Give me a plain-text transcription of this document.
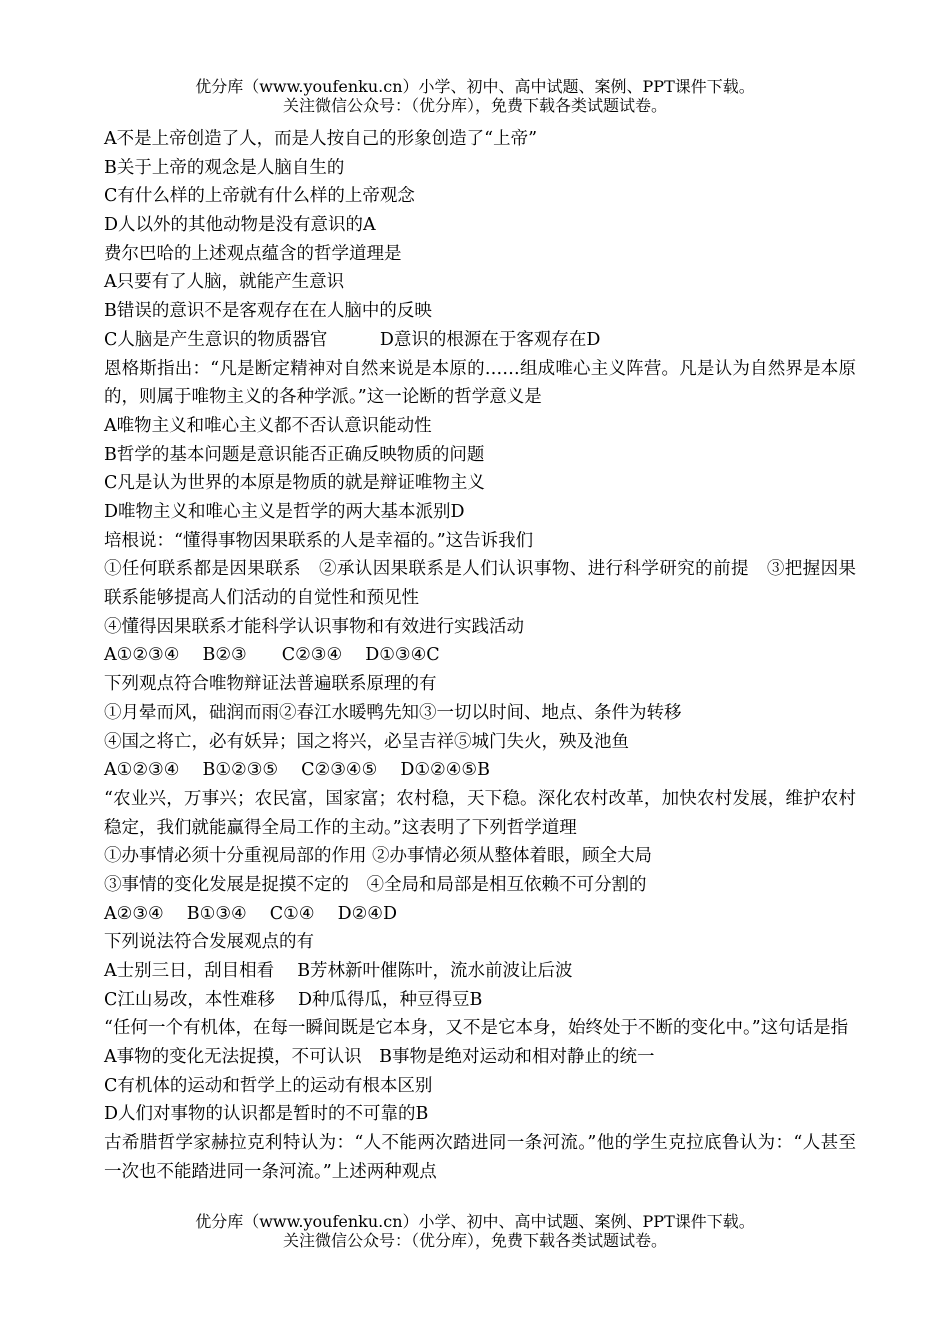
优分库（www.youfenku.cn）小学、初中、高中试题、案例、PPT课件下载。
关注微信公众号：（优分库），免费下载各类试题试卷。
A不是上帝创造了人，而是人按自己的形象创造了“上帝”
B关于上帝的观念是人脑自生的
C有什么样的上帝就有什么样的上帝观念
D人以外的其他动物是没有意识的A
费尔巴哈的上述观点蕴含的哲学道理是
A只要有了人脑，就能产生意识
B错误的意识不是客观存在在人脑中的反映
C人脑是产生意识的物质器官　　　D意识的根源在于客观存在D
恩格斯指出：“凡是断定精神对自然来说是本原的……组成唯心主义阵营。凡是认为自然界是本原的，则属于唯物主义的各种学派。”这一论断的哲学意义是
A唯物主义和唯心主义都不否认意识能动性
B哲学的基本问题是意识能否正确反映物质的问题
C凡是认为世界的本原是物质的就是辩证唯物主义
D唯物主义和唯心主义是哲学的两大基本派别D
培根说：“懂得事物因果联系的人是幸福的。”这告诉我们
①任何联系都是因果联系　②承认因果联系是人们认识事物、进行科学研究的前提　③把握因果联系能够提高人们活动的自觉性和预见性
④懂得因果联系才能科学认识事物和有效进行实践活动
A①②③④　 B②③　　C②③④　 D①③④C
下列观点符合唯物辩证法普遍联系原理的有
①月晕而风，础润而雨②春江水暖鸭先知③一切以时间、地点、条件为转移
④国之将亡，必有妖异；国之将兴，必呈吉祥⑤城门失火，殃及池鱼
A①②③④　 B①②③⑤　 C②③④⑤　 D①②④⑤B
“农业兴，万事兴；农民富，国家富；农村稳，天下稳。深化农村改革，加快农村发展，维护农村稳定，我们就能赢得全局工作的主动。”这表明了下列哲学道理
①办事情必须十分重视局部的作用 ②办事情必须从整体着眼，顾全大局
③事情的变化发展是捉摸不定的　④全局和局部是相互依赖不可分割的
A②③④　 B①③④　 C①④　 D②④D
下列说法符合发展观点的有
A士别三日，刮目相看　 B芳林新叶催陈叶，流水前波让后波
C江山易改，本性难移　 D种瓜得瓜，种豆得豆B
“任何一个有机体，在每一瞬间既是它本身，又不是它本身，始终处于不断的变化中。”这句话是指
A事物的变化无法捉摸，不可认识　B事物是绝对运动和相对静止的统一
C有机体的运动和哲学上的运动有根本区别
D人们对事物的认识都是暂时的不可靠的B
古希腊哲学家赫拉克利特认为：“人不能两次踏进同一条河流。”他的学生克拉底鲁认为：“人甚至一次也不能踏进同一条河流。”上述两种观点
优分库（www.youfenku.cn）小学、初中、高中试题、案例、PPT课件下载。
关注微信公众号：（优分库），免费下载各类试题试卷。
